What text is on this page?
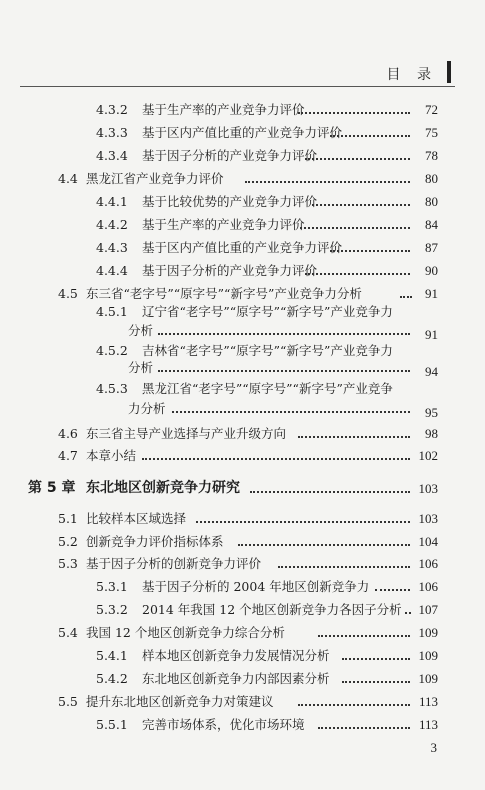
目 录
4.3.2 基于生产率的产业竞争力评价	72
4.3.3 基于区内产值比重的产业竞争力评价	75
4.3.4 基于因子分析的产业竞争力评价	78
4.4 黑龙江省产业竞争力评价	80
4.4.1 基于比较优势的产业竞争力评价	80
4.4.2 基于生产率的产业竞争力评价	84
4.4.3 基于区内产值比重的产业竞争力评价	87
4.4.4 基于因子分析的产业竞争力评价	90
4.5 东三省“老字号”“原字号”“新字号”产业竞争力分析	91
4.5.1 辽宁省“老字号”“原字号”“新字号”产业竞争力
分析	91
4.5.2 吉林省“老字号”“原字号”“新字号”产业竞争力
分析	94
4.5.3 黑龙江省“老字号”“原字号”“新字号”产业竞争
力分析	95
4.6 东三省主导产业选择与产业升级方向	98
4.7 本章小结	102
第 5 章 东北地区创新竞争力研究	103
5.1 比较样本区域选择	103
5.2 创新竞争力评价指标体系	104
5.3 基于因子分析的创新竞争力评价	106
5.3.1 基于因子分析的 2004 年地区创新竞争力	106
5.3.2 2014 年我国 12 个地区创新竞争力各因子分析 107
5.4 我国 12 个地区创新竞争力综合分析	109
5.4.1 样本地区创新竞争力发展情况分析	109
5.4.2 东北地区创新竞争力内部因素分析	109
5.5 提升东北地区创新竞争力对策建议	113
5.5.1 完善市场体系，优化市场环境	113
3
